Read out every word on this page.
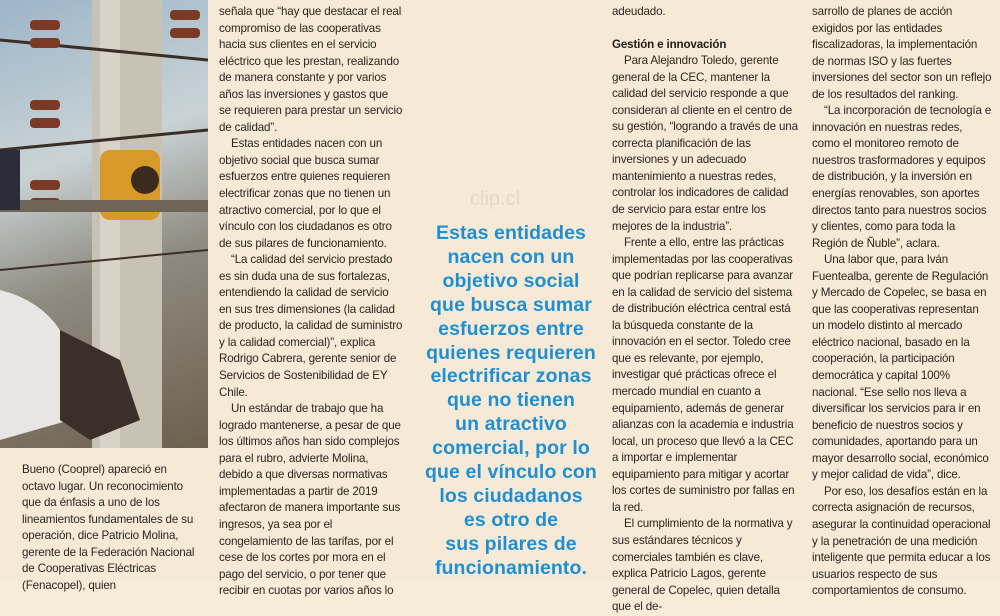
Bueno (Cooprel) apareció en octavo lugar. Un reconocimiento que da énfasis a uno de los lineamientos fundamentales de su operación, dice Patricio Molina, gerente de la Federación Nacional de Cooperativas Eléctricas (Fenacopel), quien

señala que “hay que destacar el real compromiso de las cooperativas hacia sus clientes en el servicio eléctrico que les prestan, realizando de manera constante y por varios años las inversiones y gastos que se requieren para prestar un servicio de calidad”.

Estas entidades nacen con un objetivo social que busca sumar esfuerzos entre quienes requieren electrificar zonas que no tienen un atractivo comercial, por lo que el vínculo con los ciudadanos es otro de sus pilares de funcionamiento.

“La calidad del servicio prestado es sin duda una de sus fortalezas, entendiendo la calidad de servicio en sus tres dimensiones (la calidad de producto, la calidad de suministro y la calidad comercial)”, explica Rodrigo Cabrera, gerente senior de Servicios de Sostenibilidad de EY Chile.

Un estándar de trabajo que ha logrado mantenerse, a pesar de que los últimos años han sido complejos para el rubro, advierte Molina, debido a que diversas normativas implementadas a partir de 2019 afectaron de manera importante sus ingresos, ya sea por el congelamiento de las tarifas, por el cese de los cortes por mora en el pago del servicio, o por tener que recibir en cuotas por varios años lo

Estas entidades
nacen con un
objetivo social
que busca sumar
esfuerzos entre
quienes requieren
electrificar zonas
que no tienen
un atractivo
comercial, por lo
que el vínculo con
los ciudadanos
es otro de
sus pilares de
funcionamiento.

adeudado.

Gestión e innovación

Para Alejandro Toledo, gerente general de la CEC, mantener la calidad del servicio responde a que consideran al cliente en el centro de su gestión, “logrando a través de una correcta planificación de las inversiones y un adecuado mantenimiento a nuestras redes, controlar los indicadores de calidad de servicio para estar entre los mejores de la industria”.

Frente a ello, entre las prácticas implementadas por las cooperativas que podrían replicarse para avanzar en la calidad de servicio del sistema de distribución eléctrica central está la búsqueda constante de la innovación en el sector. Toledo cree que es relevante, por ejemplo, investigar qué prácticas ofrece el mercado mundial en cuanto a equipamiento, además de generar alianzas con la academia e industria local, un proceso que llevó a la CEC a importar e implementar equipamiento para mitigar y acortar los cortes de suministro por fallas en la red.

El cumplimiento de la normativa y sus estándares técnicos y comerciales también es clave, explica Patricio Lagos, gerente general de Copelec, quien detalla que el de-

sarrollo de planes de acción exigidos por las entidades fiscalizadoras, la implementación de normas ISO y las fuertes inversiones del sector son un reflejo de los resultados del ranking.

“La incorporación de tecnología e innovación en nuestras redes, como el monitoreo remoto de nuestros trasformadores y equipos de distribución, y la inversión en energías renovables, son aportes directos tanto para nuestros socios y clientes, como para toda la Región de Ñuble”, aclara.

Una labor que, para Iván Fuentealba, gerente de Regulación y Mercado de Copelec, se basa en que las cooperativas representan un modelo distinto al mercado eléctrico nacional, basado en la cooperación, la participación democrática y capital 100% nacional. “Ese sello nos lleva a diversificar los servicios para ir en beneficio de nuestros socios y comunidades, aportando para un mayor desarrollo social, económico y mejor calidad de vida”, dice.

Por eso, los desafíos están en la correcta asignación de recursos, asegurar la continuidad operacional y la penetración de una medición inteligente que permita educar a los usuarios respecto de sus comportamientos de consumo.

clip.cl
